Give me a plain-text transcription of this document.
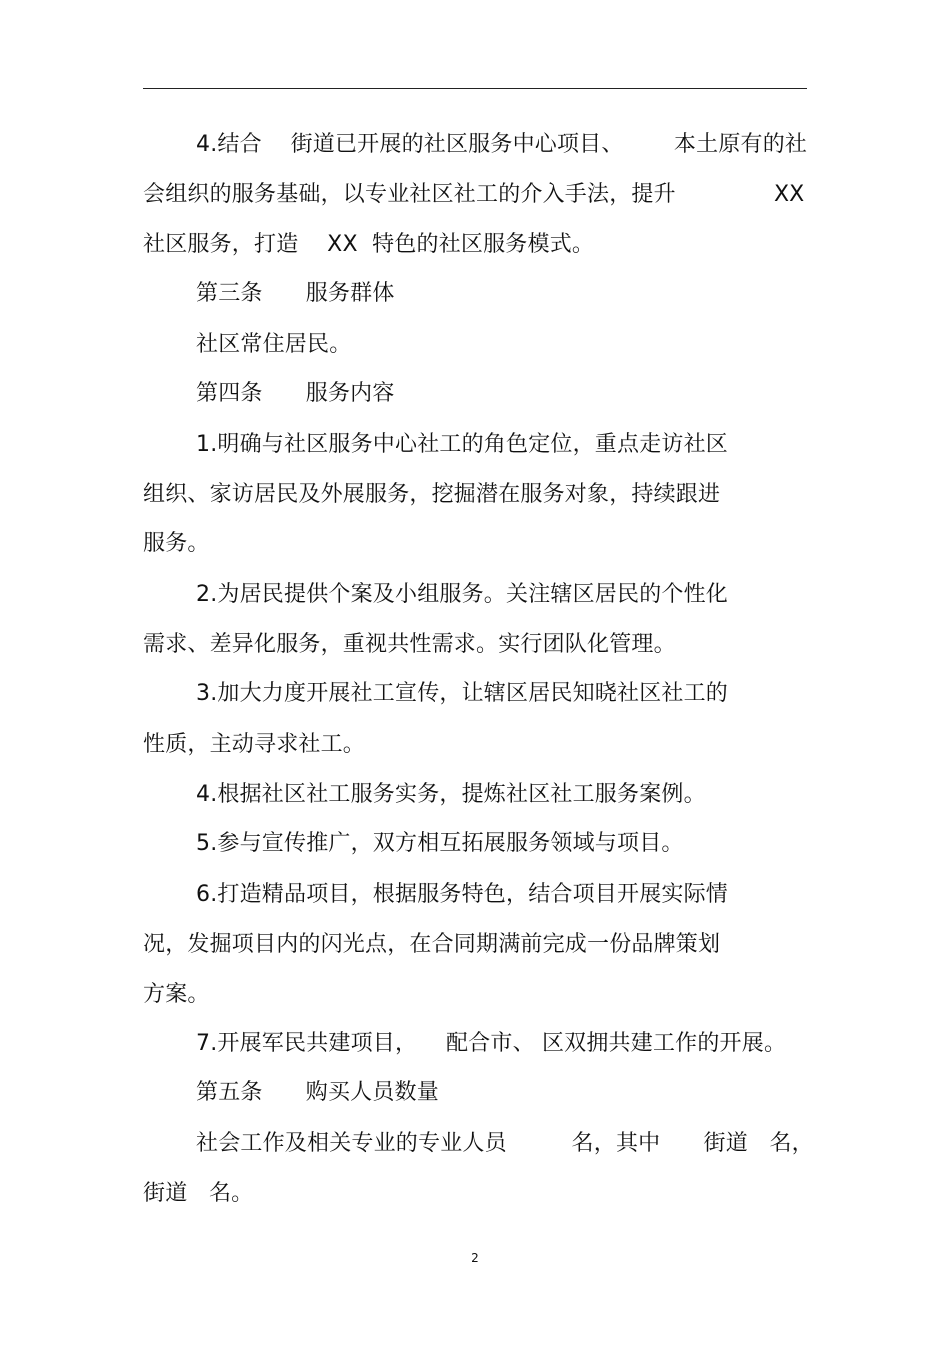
4.结合    街道已开展的社区服务中心项目、       本土原有的社
会组织的服务基础，以专业社区社工的介入手法，提升	XX
社区服务，打造    XX  特色的社区服务模式。
第三条      服务群体
社区常住居民。
第四条      服务内容
1.明确与社区服务中心社工的角色定位，重点走访社区
组织、家访居民及外展服务，挖掘潜在服务对象，持续跟进
服务。
2.为居民提供个案及小组服务。关注辖区居民的个性化
需求、差异化服务，重视共性需求。实行团队化管理。
3.加大力度开展社工宣传，让辖区居民知晓社区社工的
性质，主动寻求社工。
4.根据社区社工服务实务，提炼社区社工服务案例。
5.参与宣传推广，双方相互拓展服务领域与项目。
6.打造精品项目，根据服务特色，结合项目开展实际情
况，发掘项目内的闪光点，在合同期满前完成一份品牌策划
方案。
7.开展军民共建项目，    配合市、 区双拥共建工作的开展。
第五条      购买人员数量
社会工作及相关专业的专业人员         名，其中      街道   名，
街道   名。
2
